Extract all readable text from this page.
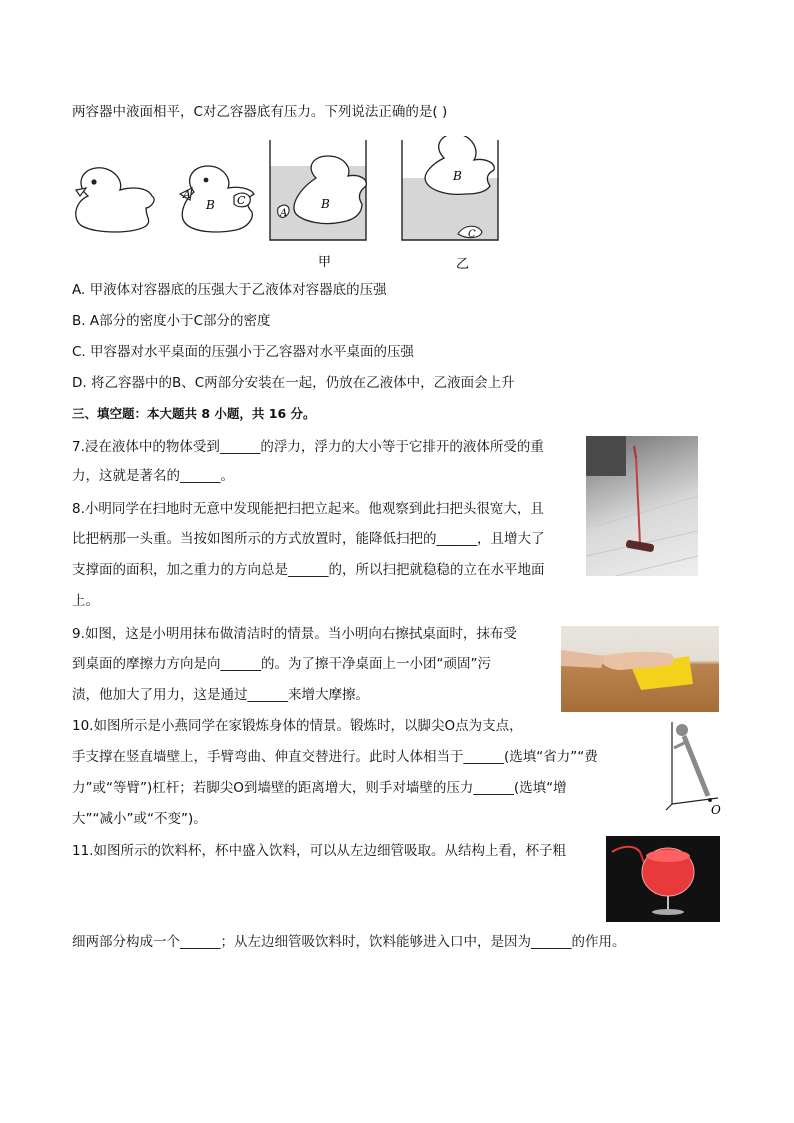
两容器中液面相平，C对乙容器底有压力。下列说法正确的是( )
A
B C	B
A
B
C
甲	乙
A. 甲液体对容器底的压强大于乙液体对容器底的压强
B. A部分的密度小于C部分的密度
C. 甲容器对水平桌面的压强小于乙容器对水平桌面的压强
D. 将乙容器中的B、C两部分安装在一起，仍放在乙液体中，乙液面会上升
三、填空题：本大题共 8 小题，共 16 分。
7.浸在液体中的物体受到______的浮力，浮力的大小等于它排开的液体所受的重
力，这就是著名的______。
8.小明同学在扫地时无意中发现能把扫把立起来。他观察到此扫把头很宽大，且
比把柄那一头重。当按如图所示的方式放置时，能降低扫把的______，且增大了
支撑面的面积，加之重力的方向总是______的，所以扫把就稳稳的立在水平地面
上。
9.如图，这是小明用抹布做清洁时的情景。当小明向右擦拭桌面时，抹布受
到桌面的摩擦力方向是向______的。为了擦干净桌面上一小团“顽固”污
渍，他加大了用力，这是通过______来增大摩擦。
O
10.如图所示是小燕同学在家锻炼身体的情景。锻炼时，以脚尖O点为支点，
手支撑在竖直墙壁上，手臂弯曲、伸直交替进行。此时人体相当于______(选填“省力”“费
力”或“等臂”)杠杆；若脚尖O到墙壁的距离增大，则手对墙壁的压力______(选填“增
大”“减小”或“不变”)。
11.如图所示的饮料杯，杯中盛入饮料，可以从左边细管吸取。从结构上看，杯子粗
细两部分构成一个______；从左边细管吸饮料时，饮料能够进入口中，是因为______的作用。
